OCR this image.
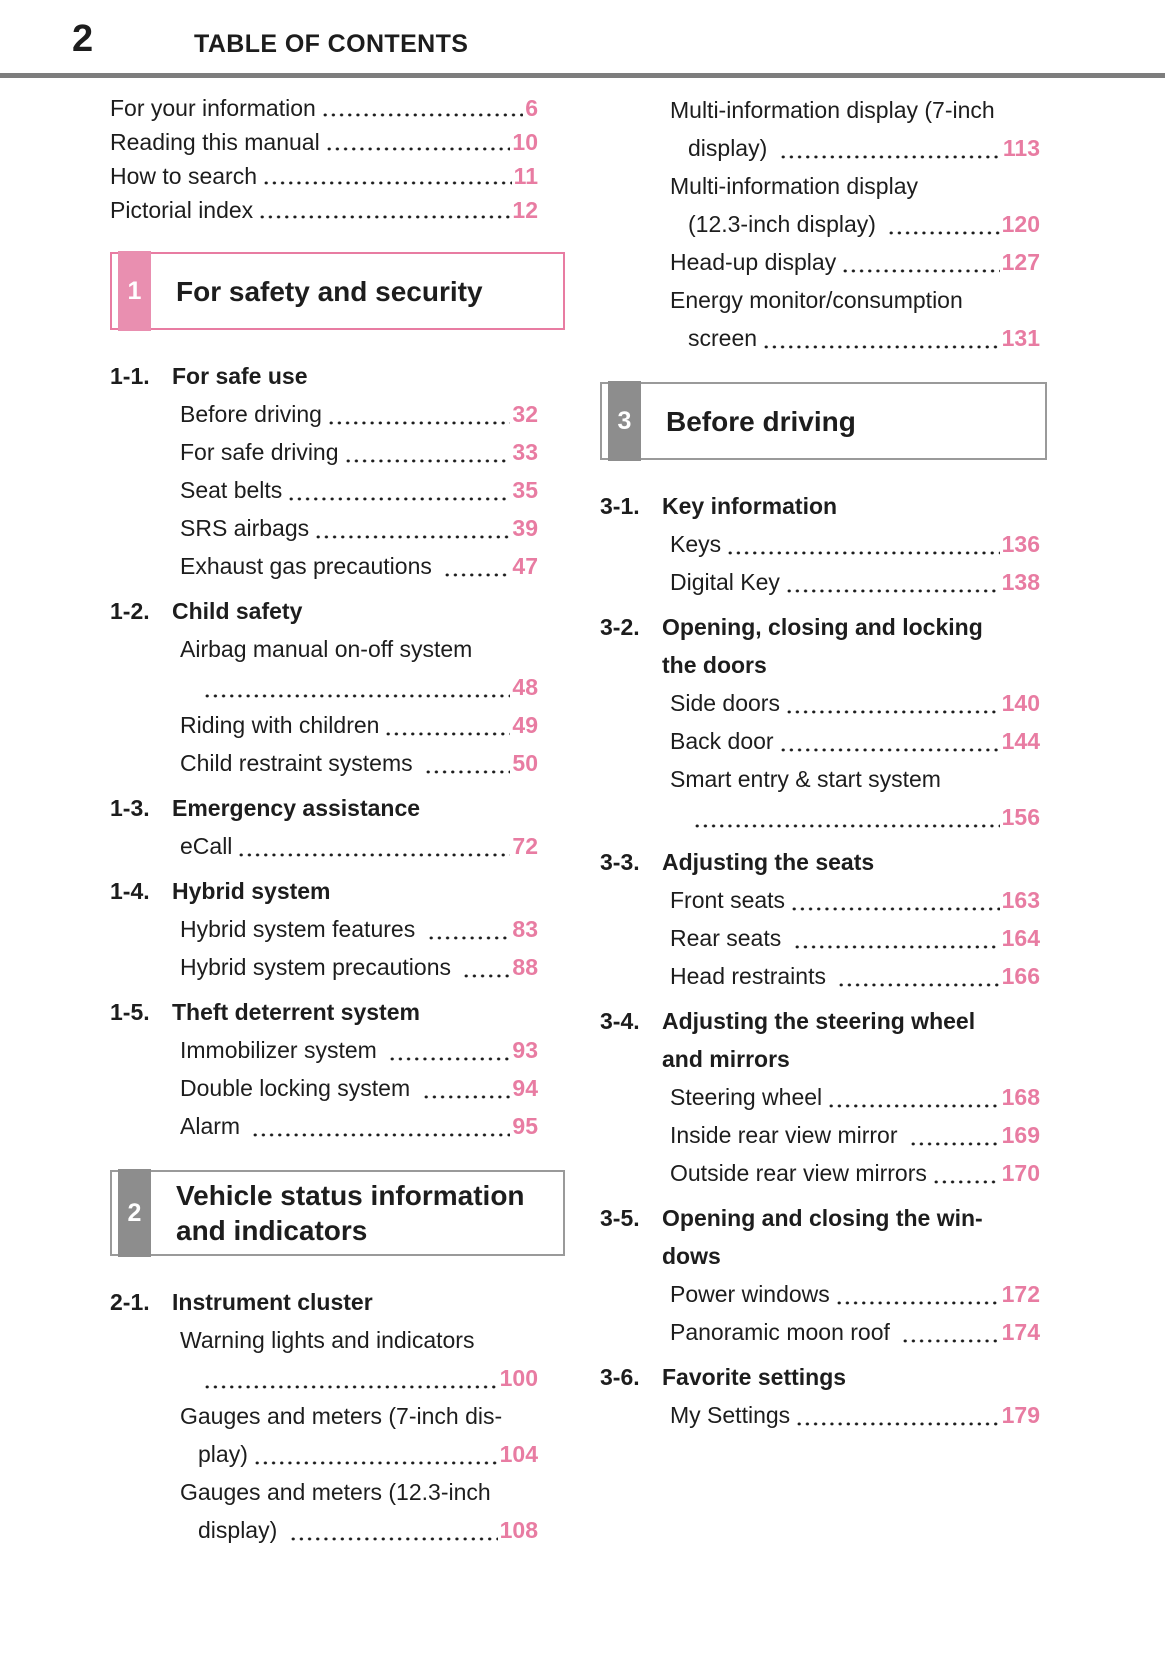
2	TABLE OF CONTENTS
For your information	6
Reading this manual	10
How to search	11
Pictorial index	12
1	For safety and security
1-1. For safe use
Before driving	32
For safe driving	33
Seat belts	35
SRS airbags	39
Exhaust gas precautions	47
1-2. Child safety
Airbag manual on-off system
48
Riding with children	49
Child restraint systems	50
1-3. Emergency assistance
eCall	72
1-4. Hybrid system
Hybrid system features	83
Hybrid system precautions 88
1-5. Theft deterrent system
Immobilizer system	93
Double locking system	94
Alarm	95
2
Vehicle status information
and indicators
2-1. Instrument cluster
Warning lights and indicators
100
Gauges and meters (7-inch dis-
play)	104
Gauges and meters (12.3-inch
display)	108
Multi-information display (7-inch
display)	113
Multi-information display
(12.3-inch display)	120
Head-up display	127
Energy monitor/consumption
screen	131
3	Before driving
3-1. Key information
Keys	136
Digital Key	138
3-2. Opening, closing and locking
the doors
Side doors	140
Back door	144
Smart entry & start system
156
3-3. Adjusting the seats
Front seats	163
Rear seats	164
Head restraints	166
3-4. Adjusting the steering wheel
and mirrors
Steering wheel	168
Inside rear view mirror	169
Outside rear view mirrors	170
3-5. Opening and closing the win-
dows
Power windows	172
Panoramic moon roof	174
3-6. Favorite settings
My Settings	179
